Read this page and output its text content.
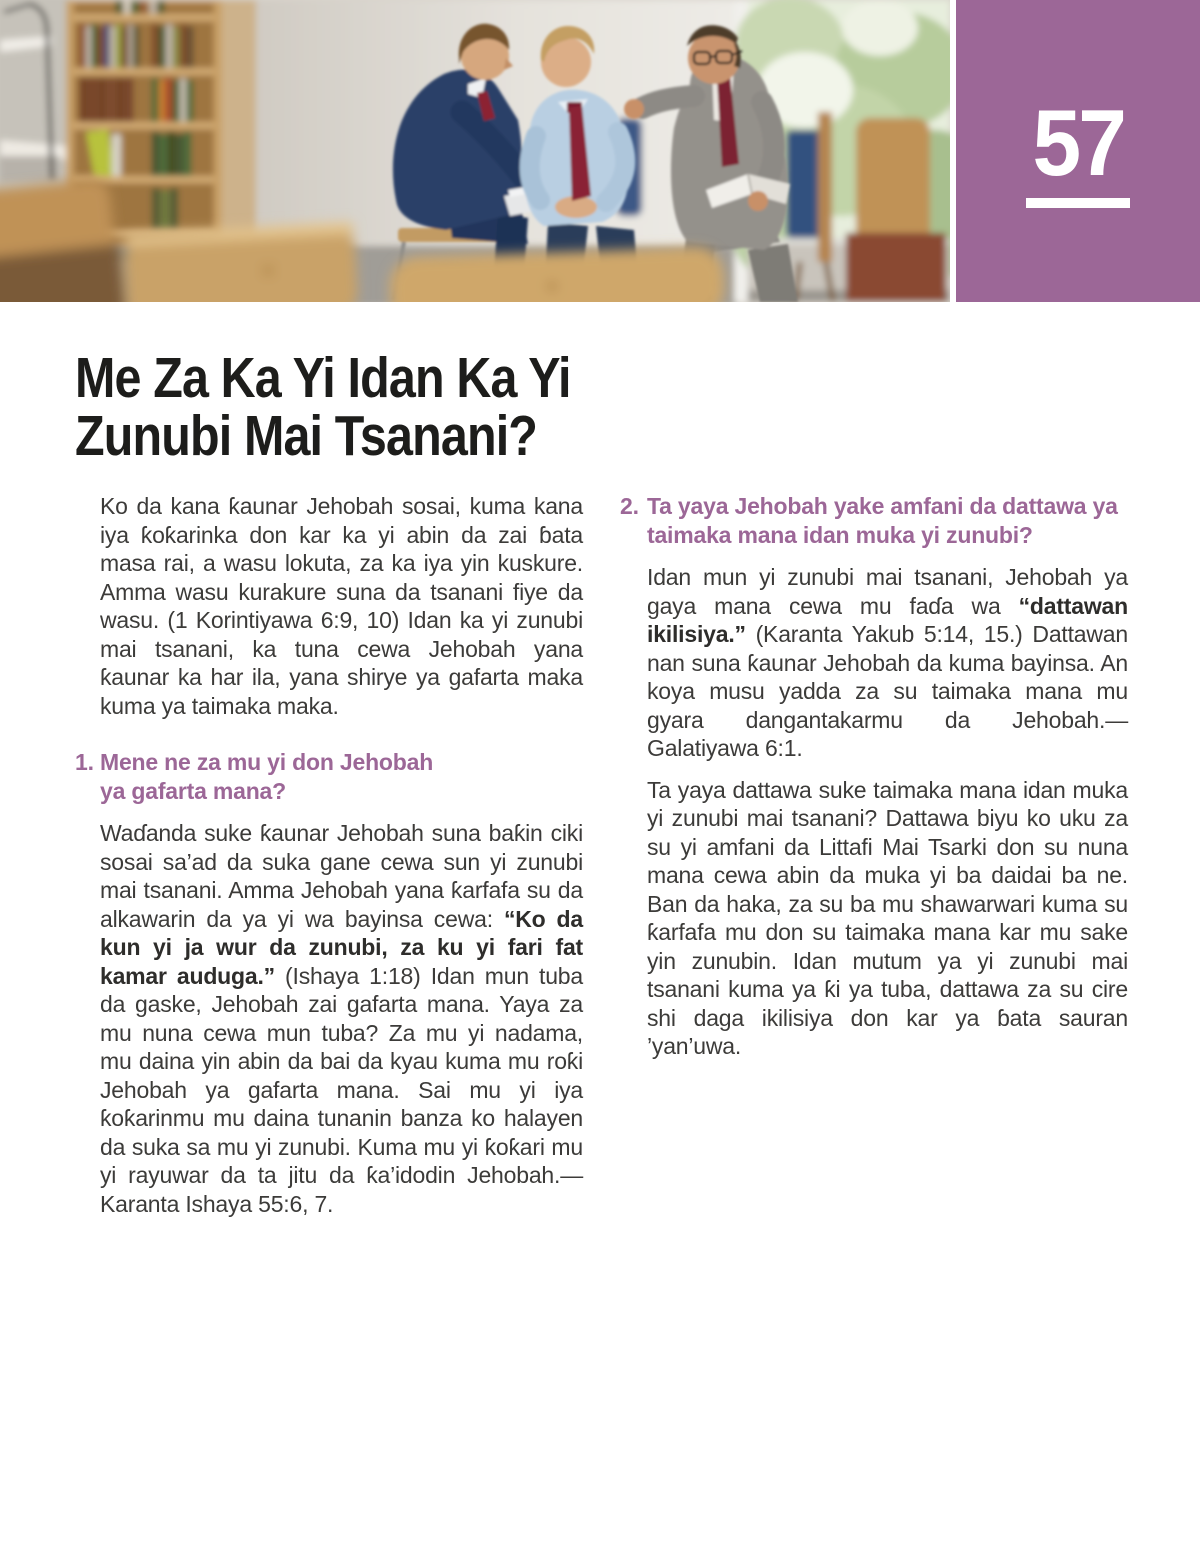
57
Me Za Ka Yi Idan Ka Yi
Zunubi Mai Tsanani?

Ko da kana ƙaunar Jehobah sosai, kuma kana iya ƙoƙarinka don kar ka yi abin da zai ɓata masa rai, a wasu lokuta, za ka iya yin kuskure. Amma wasu kurakure suna da tsanani fiye da wasu. (1 Korintiyawa 6:9, 10) Idan ka yi zunubi mai tsanani, ka tuna cewa Jehobah yana ƙaunar ka har ila, yana shirye ya gafarta maka kuma ya taimaka maka.

1. Mene ne za mu yi don Jehobah
ya gafarta mana?

Waɗanda suke ƙaunar Jehobah suna baƙin ciki sosai sa’ad da suka gane cewa sun yi zunubi mai tsanani. Amma Jehobah yana ƙarfafa su da alkawarin da ya yi wa bayinsa cewa: “Ko da kun yi ja wur da zunubi, za ku yi fari fat kamar auduga.” (Ishaya 1:18) Idan mun tuba da gaske, Jehobah zai gafarta mana. Yaya za mu nuna cewa mun tuba? Za mu yi nadama, mu daina yin abin da bai da kyau kuma mu roƙi Jehobah ya gafarta mana. Sai mu yi iya ƙoƙarinmu mu daina tunanin banza ko halayen da suka sa mu yi zunubi. Kuma mu yi ƙoƙari mu yi rayuwar da ta jitu da ƙa’idodin Jehobah.—Karanta Ishaya 55:6, 7.

2. Ta yaya Jehobah yake amfani da dattawa ya
taimaka mana idan muka yi zunubi?

Idan mun yi zunubi mai tsanani, Jehobah ya gaya mana cewa mu faɗa wa “dattawan ikilisiya.” (Karanta Yakub 5:14, 15.) Dattawan nan suna ƙaunar Jehobah da kuma bayinsa. An koya musu yadda za su taimaka mana mu gyara dangantakarmu da Jehobah.—Galatiyawa 6:1.

Ta yaya dattawa suke taimaka mana idan muka yi zunubi mai tsanani? Dattawa biyu ko uku za su yi amfani da Littafi Mai Tsarki don su nuna mana cewa abin da muka yi ba daidai ba ne. Ban da haka, za su ba mu shawarwari kuma su ƙarfafa mu don su taimaka mana kar mu sake yin zunubin. Idan mutum ya yi zunubi mai tsanani kuma ya ƙi ya tuba, dattawa za su cire shi daga ikilisiya don kar ya ɓata sauran ’yan’uwa.
